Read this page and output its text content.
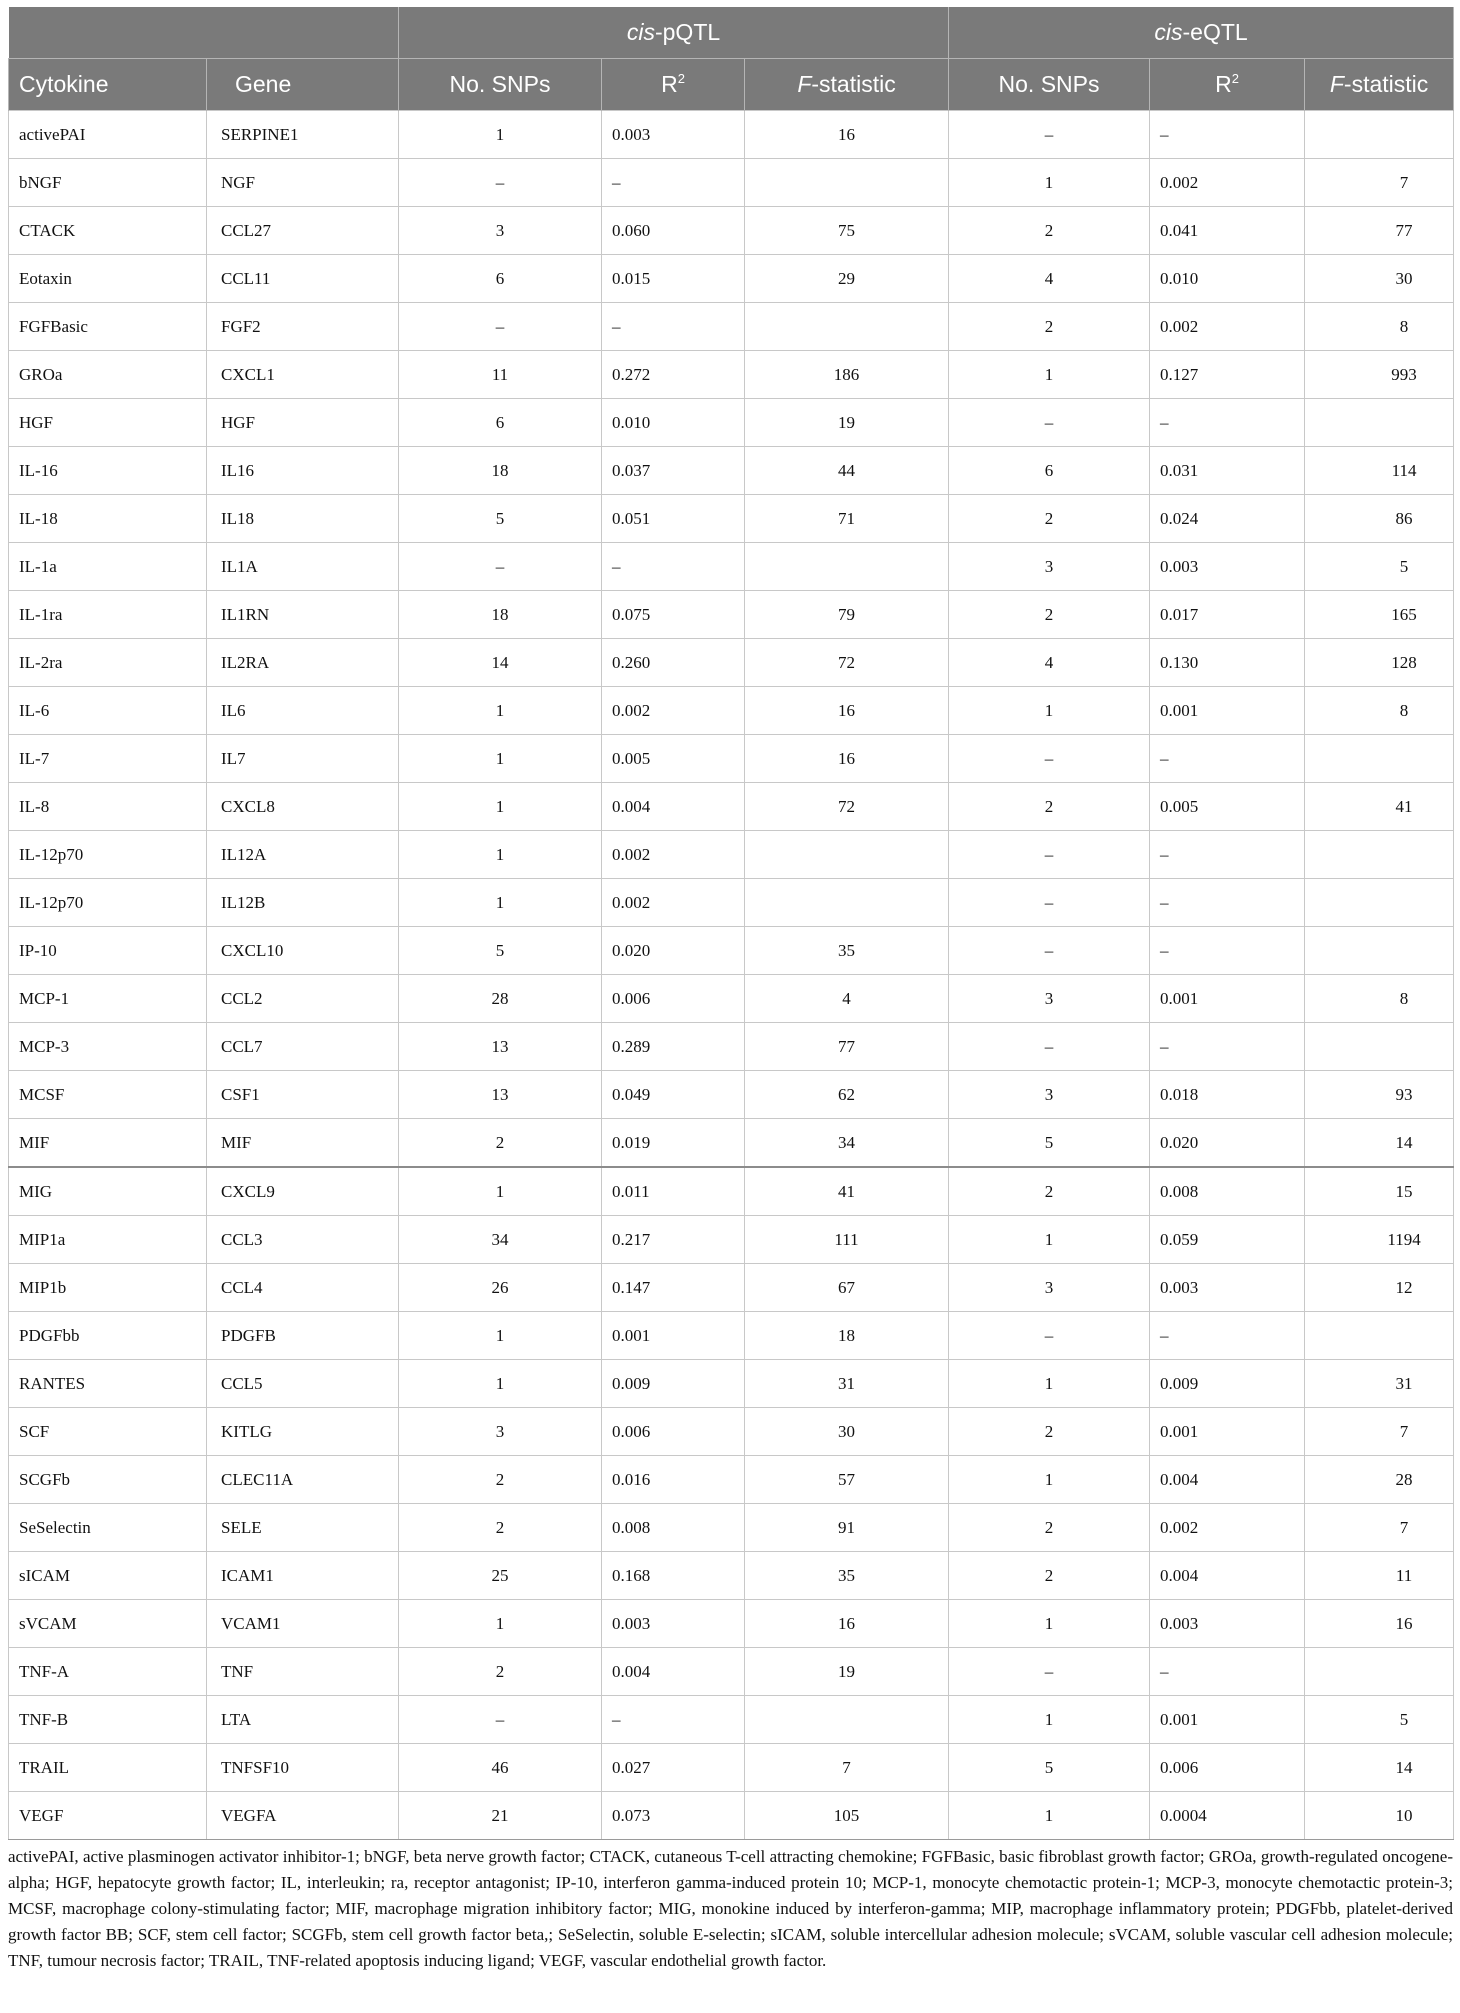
		cis-pQTL			cis-eQTL		
Cytokine	Gene	No. SNPs	$R^2$	F-statistic	No. SNPs	$R^2$	F-statistic
activePAI	SERPINE1	1	0.003	16	–	–	
bNGF	NGF	–	–		1	0.002	7
CTACK	CCL27	3	0.060	75	2	0.041	77
Eotaxin	CCL11	6	0.015	29	4	0.010	30
FGFBasic	FGF2	–	–		2	0.002	8
GROa	CXCL1	11	0.272	186	1	0.127	993
HGF	HGF	6	0.010	19	–	–	
IL-16	IL16	18	0.037	44	6	0.031	114
IL-18	IL18	5	0.051	71	2	0.024	86
IL-1a	IL1A	–	–		3	0.003	5
IL-1ra	IL1RN	18	0.075	79	2	0.017	165
IL-2ra	IL2RA	14	0.260	72	4	0.130	128
IL-6	IL6	1	0.002	16	1	0.001	8
IL-7	IL7	1	0.005	16	–	–	
IL-8	CXCL8	1	0.004	72	2	0.005	41
IL-12p70	IL12A	1	0.002		–	–	
IL-12p70	IL12B	1	0.002		–	–	
IP-10	CXCL10	5	0.020	35	–	–	
MCP-1	CCL2	28	0.006	4	3	0.001	8
MCP-3	CCL7	13	0.289	77	–	–	
MCSF	CSF1	13	0.049	62	3	0.018	93
MIF	MIF	2	0.019	34	5	0.020	14
MIG	CXCL9	1	0.011	41	2	0.008	15
MIP1a	CCL3	34	0.217	111	1	0.059	1194
MIP1b	CCL4	26	0.147	67	3	0.003	12
PDGFbb	PDGFB	1	0.001	18	–	–	
RANTES	CCL5	1	0.009	31	1	0.009	31
SCF	KITLG	3	0.006	30	2	0.001	7
SCGFb	CLEC11A	2	0.016	57	1	0.004	28
SeSelectin	SELE	2	0.008	91	2	0.002	7
sICAM	ICAM1	25	0.168	35	2	0.004	11
sVCAM	VCAM1	1	0.003	16	1	0.003	16
TNF-A	TNF	2	0.004	19	–	–	
TNF-B	LTA	–	–		1	0.001	5
TRAIL	TNFSF10	46	0.027	7	5	0.006	14
VEGF	VEGFA	21	0.073	105	1	0.0004	10
activePAI, active plasminogen activator inhibitor-1; bNGF, beta nerve growth factor; CTACK, cutaneous T-cell attracting chemokine; FGFBasic, basic fibroblast growth factor; GROa, growth-regulated oncogene-alpha; HGF, hepatocyte growth factor; IL, interleukin; ra, receptor antagonist; IP-10, interferon gamma-induced protein 10; MCP-1, monocyte chemotactic protein-1; MCP-3, monocyte chemotactic protein-3; MCSF, macrophage colony-stimulating factor; MIF, macrophage migration inhibitory factor; MIG, monokine induced by interferon-gamma; MIP, macrophage inflammatory protein; PDGFbb, platelet-derived growth factor BB; SCF, stem cell factor; SCGFb, stem cell growth factor beta,; SeSelectin, soluble E-selectin; sICAM, soluble intercellular adhesion molecule; sVCAM, soluble vascular cell adhesion molecule; TNF, tumour necrosis factor; TRAIL, TNF-related apoptosis inducing ligand; VEGF, vascular endothelial growth factor.
